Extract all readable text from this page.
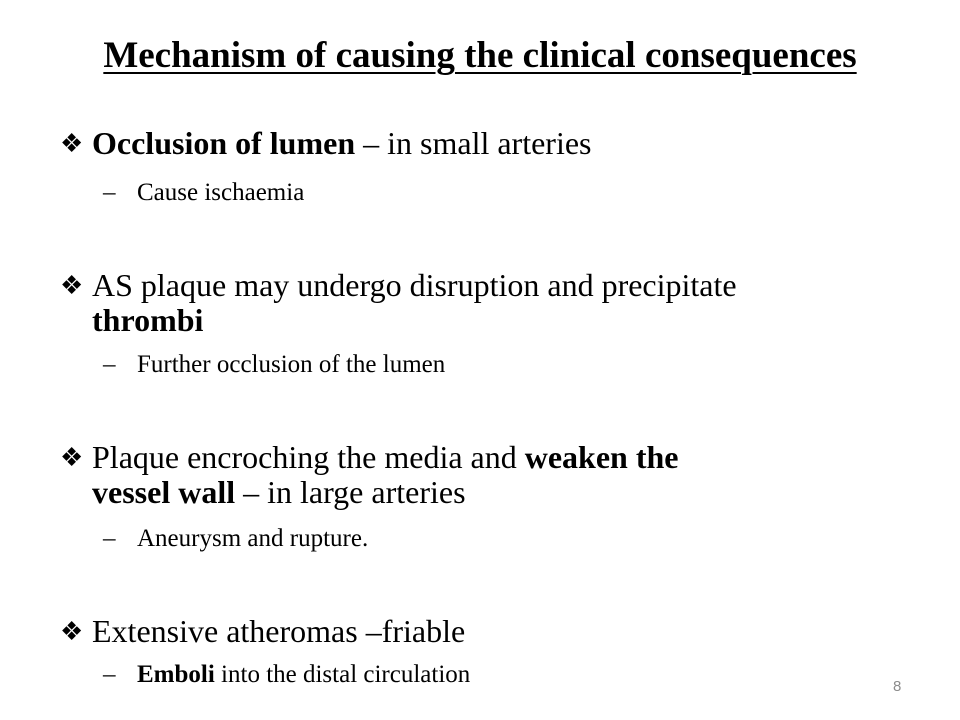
Mechanism of causing the clinical consequences
❖ Occlusion of lumen – in small arteries
– Cause ischaemia
❖ AS plaque may undergo disruption and precipitate
thrombi
– Further occlusion of the lumen
❖ Plaque encroching the media and weaken the
vessel wall – in large arteries
– Aneurysm and rupture.
❖ Extensive atheromas –friable
– Emboli into the distal circulation	8
